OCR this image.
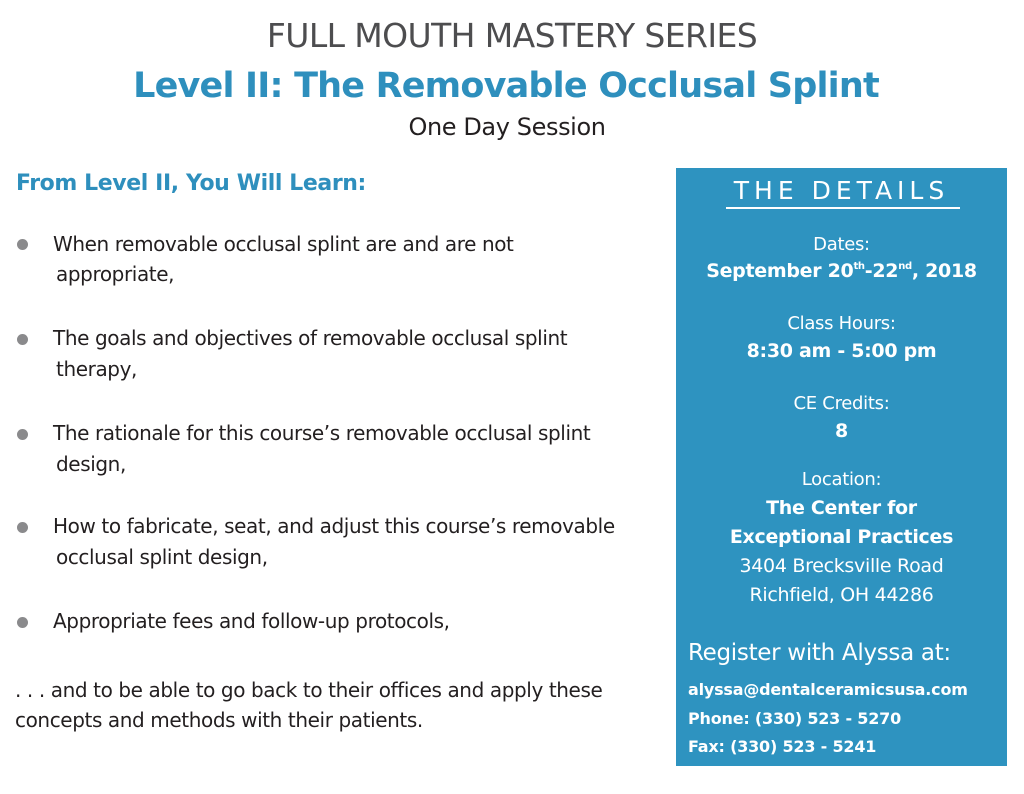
FULL MOUTH MASTERY SERIES
Level II: The Removable Occlusal Splint
One Day Session
From Level II, You Will Learn:
When removable occlusal splint are and are not
appropriate,
The goals and objectives of removable occlusal splint
therapy,
The rationale for this course’s removable occlusal splint
design,
How to fabricate, seat, and adjust this course’s removable
occlusal splint design,
Appropriate fees and follow-up protocols,
. . . and to be able to go back to their offices and apply these concepts and methods with their patients.
THE DETAILS
Dates:
September 20th-22nd, 2018
Class Hours:
8:30 am - 5:00 pm
CE Credits:
8
Location:
The Center for
Exceptional Practices
3404 Brecksville Road
Richfield, OH 44286
Register with Alyssa at:
alyssa@dentalceramicsusa.com
Phone: (330) 523 - 5270
Fax: (330) 523 - 5241
